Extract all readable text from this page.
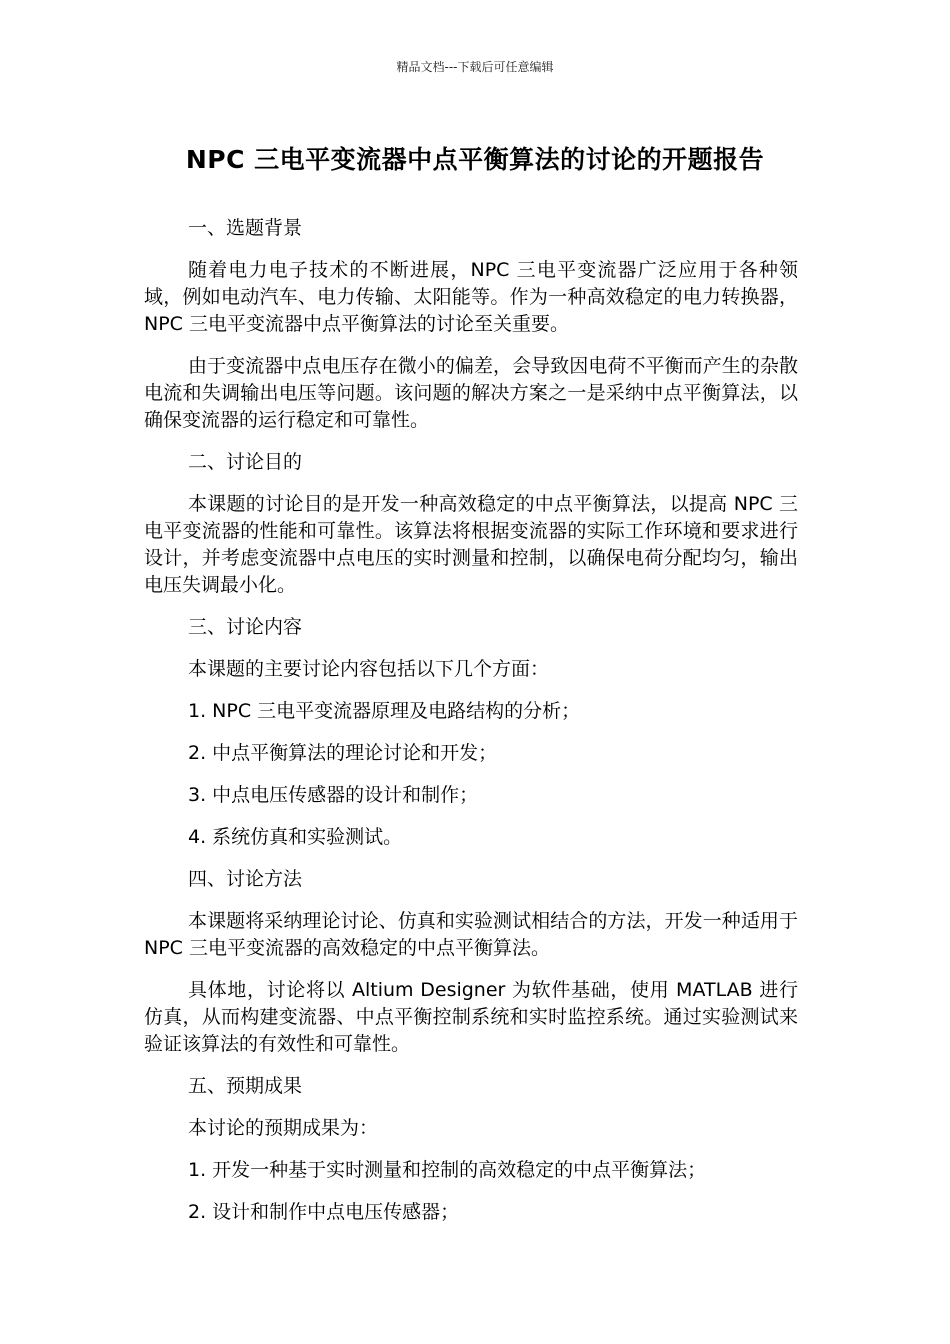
精品文档---下载后可任意编辑
NPC 三电平变流器中点平衡算法的讨论的开题报告

一、选题背景

随着电力电子技术的不断进展，NPC 三电平变流器广泛应用于各种领域，例如电动汽车、电力传输、太阳能等。作为一种高效稳定的电力转换器，NPC 三电平变流器中点平衡算法的讨论至关重要。

由于变流器中点电压存在微小的偏差，会导致因电荷不平衡而产生的杂散电流和失调输出电压等问题。该问题的解决方案之一是采纳中点平衡算法，以确保变流器的运行稳定和可靠性。

二、讨论目的

本课题的讨论目的是开发一种高效稳定的中点平衡算法，以提高 NPC 三电平变流器的性能和可靠性。该算法将根据变流器的实际工作环境和要求进行设计，并考虑变流器中点电压的实时测量和控制，以确保电荷分配均匀，输出电压失调最小化。

三、讨论内容

本课题的主要讨论内容包括以下几个方面：

1. NPC 三电平变流器原理及电路结构的分析；

2. 中点平衡算法的理论讨论和开发；

3. 中点电压传感器的设计和制作；

4. 系统仿真和实验测试。

四、讨论方法

本课题将采纳理论讨论、仿真和实验测试相结合的方法，开发一种适用于 NPC 三电平变流器的高效稳定的中点平衡算法。

具体地，讨论将以 Altium Designer 为软件基础，使用 MATLAB 进行仿真，从而构建变流器、中点平衡控制系统和实时监控系统。通过实验测试来验证该算法的有效性和可靠性。

五、预期成果

本讨论的预期成果为：

1. 开发一种基于实时测量和控制的高效稳定的中点平衡算法；

2. 设计和制作中点电压传感器；
